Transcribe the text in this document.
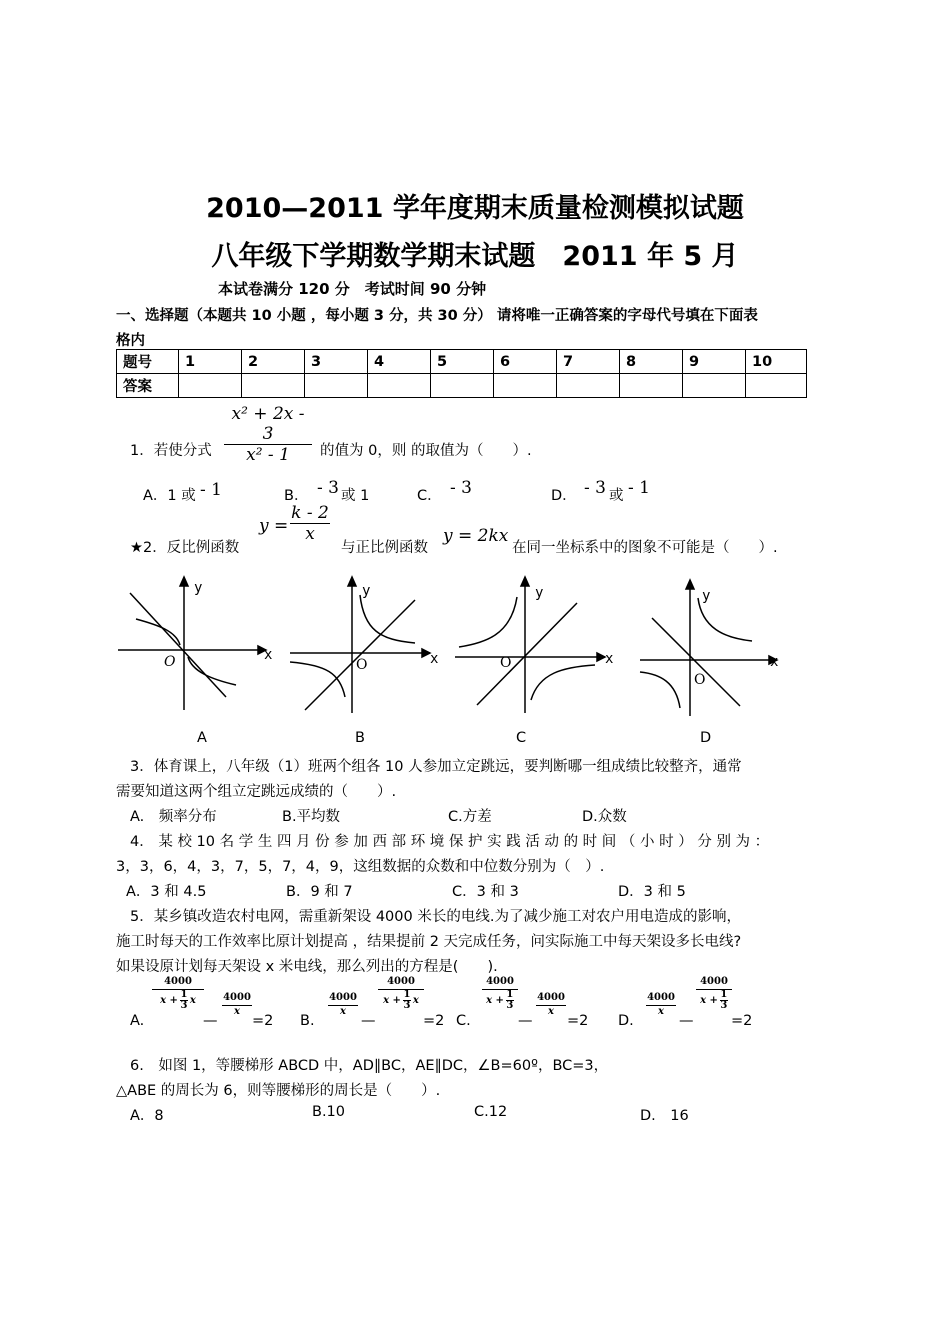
2010—2011 学年度期末质量检测模拟试题
八年级下学期数学期末试题　2011 年 5 月
本试卷满分 120 分　考试时间 90 分钟
一、选择题（本题共 10 小题 ，每小题 3 分，共 30 分） 请将唯一正确答案的字母代号填在下面表
格内
题号	1	2	3	4	5	6	7	8	9	10
答案										
x² + 2x - 3
x² - 1
1．若使分式	的值为 0，则 的取值为（　　）.
A．1 或 - 1	B． - 3 或 1	C． - 3	D． - 3 或 - 1
★2．反比例函数
y =
k - 2
x
与正比例函数
y = 2kx
在同一坐标系中的图象不可能是（　　）.
y
x
O
A
y
x
O
B
y
x
O
C
y
x
O
D
3．体育课上，八年级（1）班两个组各 10 人参加立定跳远，要判断哪一组成绩比较整齐，通常
需要知道这两个组立定跳远成绩的（　　）.
A.　频率分布	B.平均数	C.方差	D.众数
4． 某 校 10 名 学 生 四 月 份 参 加 西 部 环 境 保 护 实 践 活 动 的 时 间 （ 小 时 ） 分 别 为 ：
3，3，6，4，3，7，5，7，4，9，这组数据的众数和中位数分别为（　）.
A．3 和 4.5	B．9 和 7	C．3 和 3	D．3 和 5
5．某乡镇改造农村电网，需重新架设 4000 米长的电线.为了减少施工对农户用电造成的影响，
施工时每天的工作效率比原计划提高 ，结果提前 2 天完成任务，问实际施工中每天架设多长电线?
如果设原计划每天架设 x 米电线，那么列出的方程是(　　).
A.
4000
x +
1
3 x
—
4000
x
=2 B.
4000
x
—
4000
x +
1
3 x
=2 C.
4000
x +
1
3
—
4000
x
=2 D.
4000
x
—
4000
x +
1
3
=2
6.　如图 1，等腰梯形 ABCD 中，AD∥BC，AE∥DC，∠B=60º，BC=3，
△ABE 的周长为 6，则等腰梯形的周长是（　　）.
A．8	B.10	C.12	D.　16
